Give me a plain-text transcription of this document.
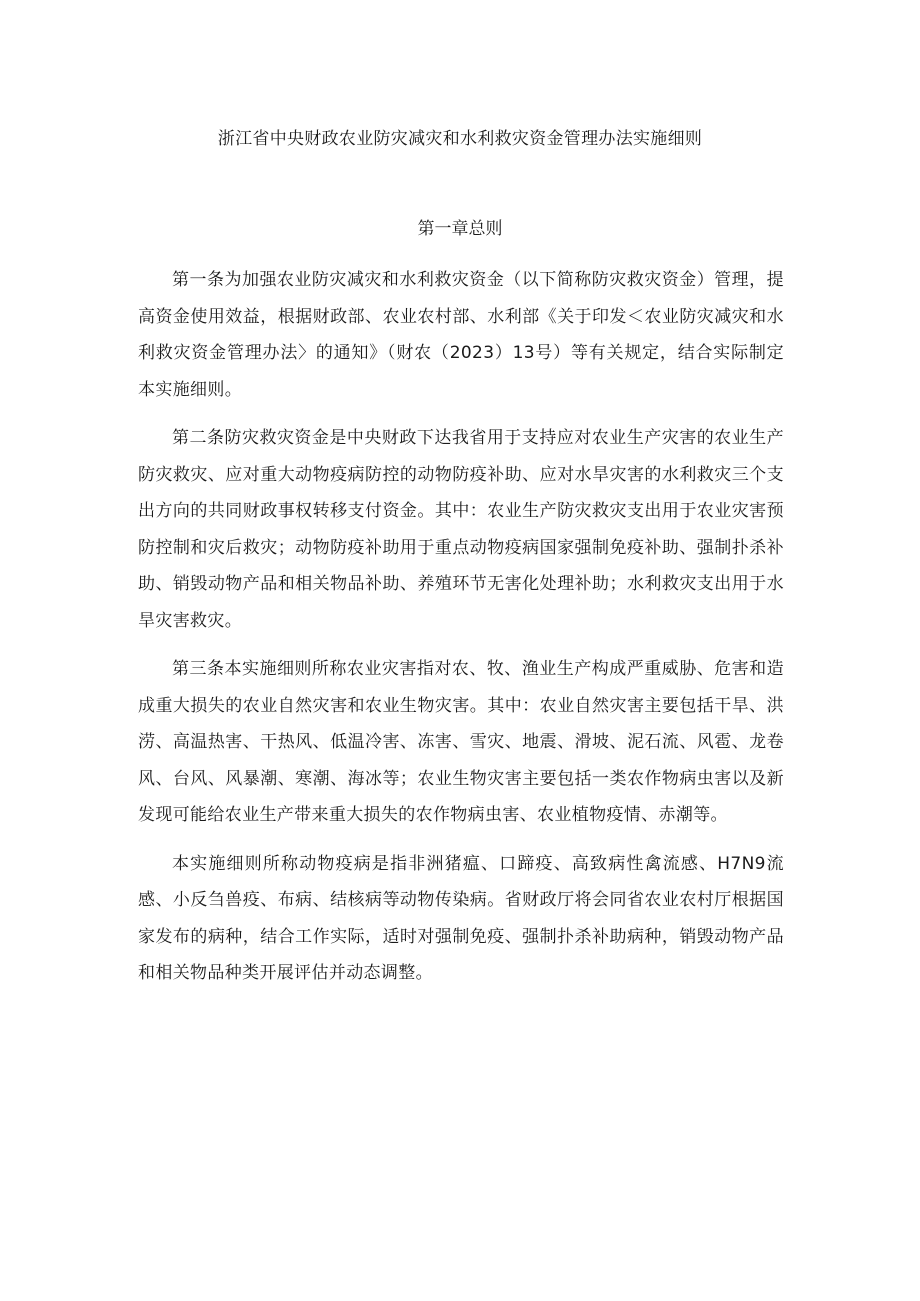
浙江省中央财政农业防灾减灾和水利救灾资金管理办法实施细则
第一章总则

第一条为加强农业防灾减灾和水利救灾资金（以下简称防灾救灾资金）管理，提高资金使用效益，根据财政部、农业农村部、水利部《关于印发＜农业防灾减灾和水利救灾资金管理办法〉的通知》（财农（2023）13号）等有关规定，结合实际制定本实施细则。

第二条防灾救灾资金是中央财政下达我省用于支持应对农业生产灾害的农业生产防灾救灾、应对重大动物疫病防控的动物防疫补助、应对水旱灾害的水利救灾三个支出方向的共同财政事权转移支付资金。其中：农业生产防灾救灾支出用于农业灾害预防控制和灾后救灾；动物防疫补助用于重点动物疫病国家强制免疫补助、强制扑杀补助、销毁动物产品和相关物品补助、养殖环节无害化处理补助；水利救灾支出用于水旱灾害救灾。

第三条本实施细则所称农业灾害指对农、牧、渔业生产构成严重威胁、危害和造成重大损失的农业自然灾害和农业生物灾害。其中：农业自然灾害主要包括干旱、洪涝、高温热害、干热风、低温冷害、冻害、雪灾、地震、滑坡、泥石流、风雹、龙卷风、台风、风暴潮、寒潮、海冰等；农业生物灾害主要包括一类农作物病虫害以及新发现可能给农业生产带来重大损失的农作物病虫害、农业植物疫情、赤潮等。

本实施细则所称动物疫病是指非洲猪瘟、口蹄疫、高致病性禽流感、H7N9流感、小反刍兽疫、布病、结核病等动物传染病。省财政厅将会同省农业农村厅根据国家发布的病种，结合工作实际，适时对强制免疫、强制扑杀补助病种，销毁动物产品和相关物品种类开展评估并动态调整。
